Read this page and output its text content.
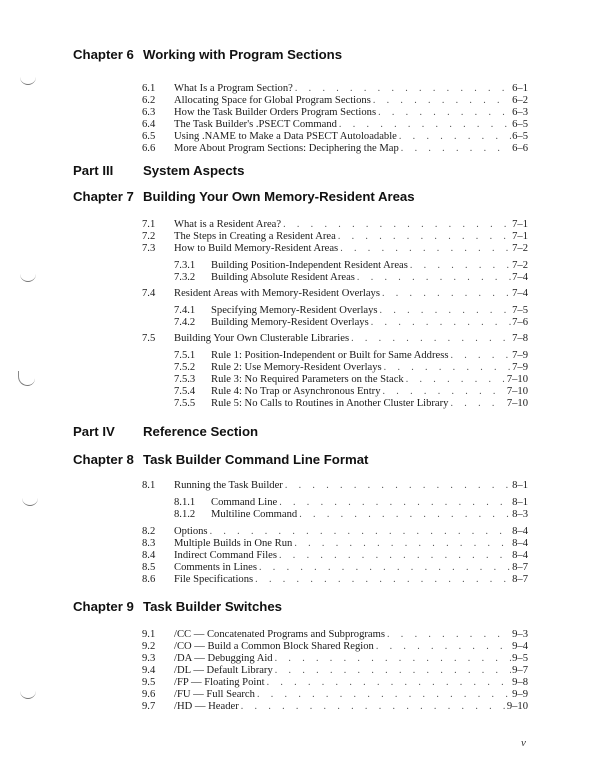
Chapter 6 Working with Program Sections
6.1	What Is a Program Section? . . .	6–1
6.2	Allocating Space for Global Program Sections . . .	6–2
6.3	How the Task Builder Orders Program Sections . . .	6–3
6.4	The Task Builder's .PSECT Command . . .	6–5
6.5	Using .NAME to Make a Data PSECT Autoloadable . . .	6–5
6.6	More About Program Sections: Deciphering the Map . . .	6–6
Part III System Aspects
Chapter 7 Building Your Own Memory-Resident Areas
7.1	What is a Resident Area? . . .	7–1
7.2	The Steps in Creating a Resident Area . . .	7–1
7.3	How to Build Memory-Resident Areas . . .	7–2
7.3.1	Building Position-Independent Resident Areas . . .	7–2
7.3.2	Building Absolute Resident Areas . . .	7–4
7.4	Resident Areas with Memory-Resident Overlays . . .	7–4
7.4.1	Specifying Memory-Resident Overlays . . .	7–5
7.4.2	Building Memory-Resident Overlays . . .	7–6
7.5	Building Your Own Clusterable Libraries . . .	7–8
7.5.1	Rule 1: Position-Independent or Built for Same Address . . .	7–9
7.5.2	Rule 2: Use Memory-Resident Overlays . . .	7–9
7.5.3	Rule 3: No Required Parameters on the Stack . . .	7–10
7.5.4	Rule 4: No Trap or Asynchronous Entry . . .	7–10
7.5.5	Rule 5: No Calls to Routines in Another Cluster Library . . .	7–10
Part IV Reference Section
Chapter 8 Task Builder Command Line Format
8.1	Running the Task Builder . . .	8–1
8.1.1	Command Line . . .	8–1
8.1.2	Multiline Command . . .	8–3
8.2	Options . . .	8–4
8.3	Multiple Builds in One Run . . .	8–4
8.4	Indirect Command Files . . .	8–4
8.5	Comments in Lines . . .	8–7
8.6	File Specifications . . .	8–7
Chapter 9 Task Builder Switches
9.1	/CC — Concatenated Programs and Subprograms . . .	9–3
9.2	/CO — Build a Common Block Shared Region . . .	9–4
9.3	/DA — Debugging Aid . . .	9–5
9.4	/DL — Default Library . . .	9–7
9.5	/FP — Floating Point . . .	9–8
9.6	/FU — Full Search . . .	9–9
9.7	/HD — Header . . .	9–10
v
